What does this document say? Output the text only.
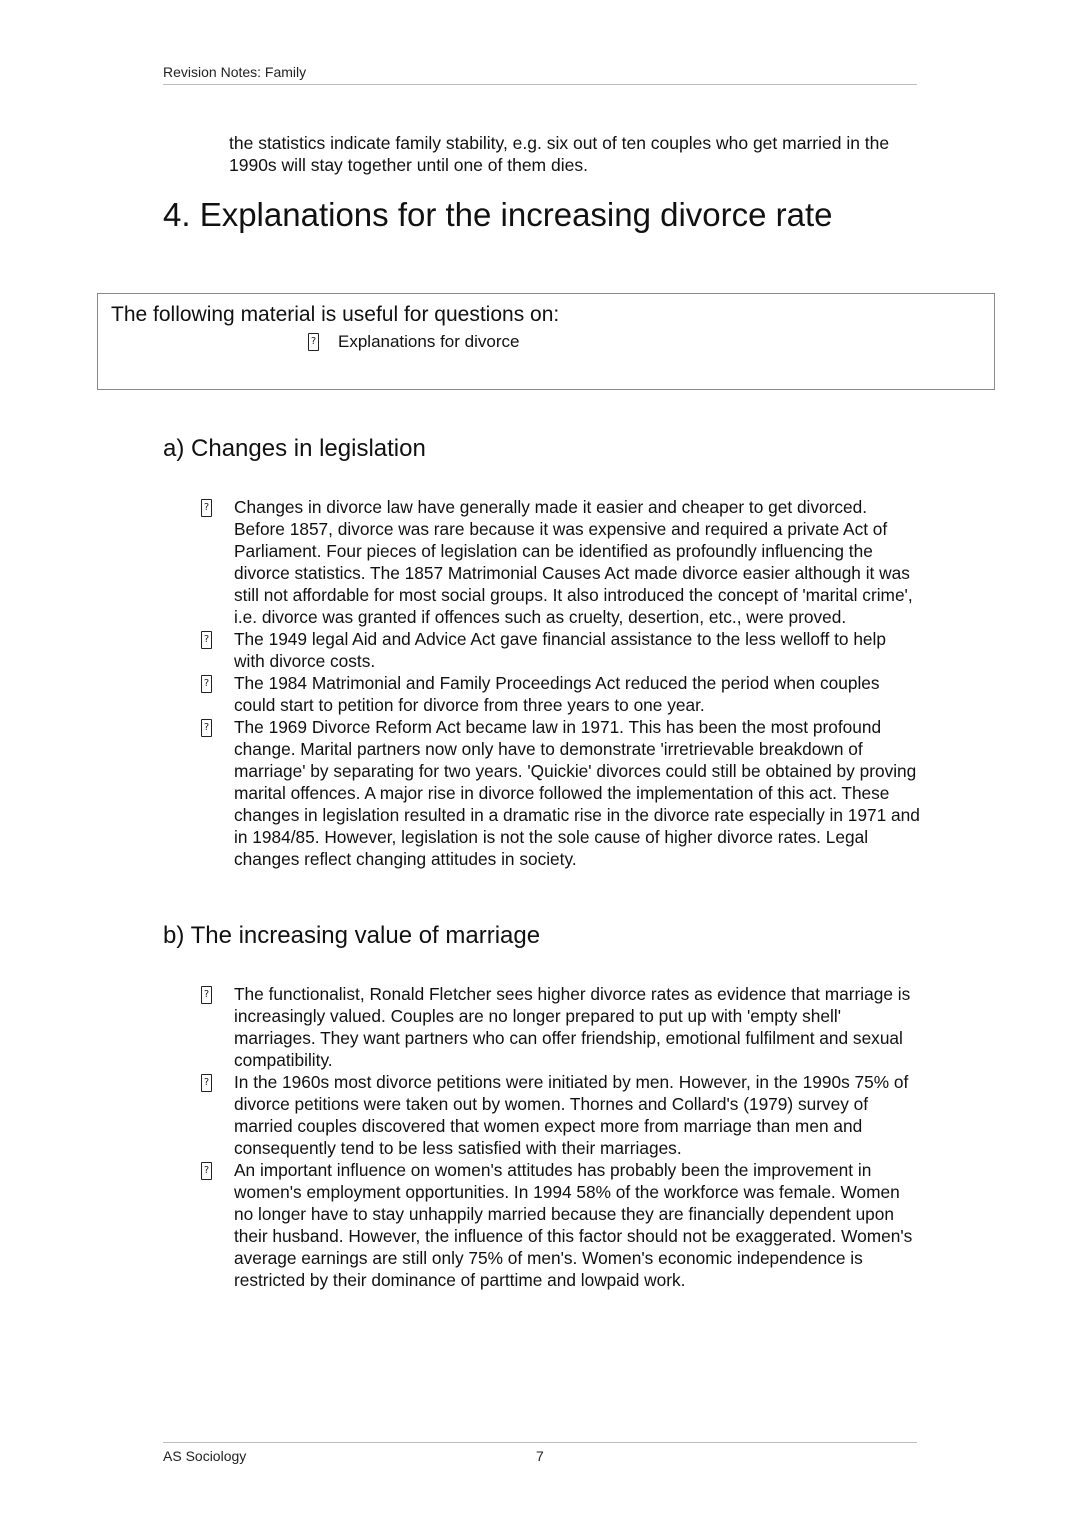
Revision Notes: Family

the statistics indicate family stability, e.g. six out of ten couples who get married in the 1990s will stay together until one of them dies.

4. Explanations for the increasing divorce rate
The following material is useful for questions on:
? Explanations for divorce
a) Changes in legislation
? Changes in divorce law have generally made it easier and cheaper to get divorced. Before 1857, divorce was rare because it was expensive and required a private Act of Parliament. Four pieces of legislation can be identified as profoundly influencing the divorce statistics. The 1857 Matrimonial Causes Act made divorce easier although it was still not affordable for most social groups. It also introduced the concept of 'marital crime', i.e. divorce was granted if offences such as cruelty, desertion, etc., were proved.
? The 1949 legal Aid and Advice Act gave financial assistance to the less welloff to help with divorce costs.
? The 1984 Matrimonial and Family Proceedings Act reduced the period when couples could start to petition for divorce from three years to one year.
? The 1969 Divorce Reform Act became law in 1971. This has been the most profound change. Marital partners now only have to demonstrate 'irretrievable breakdown of marriage' by separating for two years. 'Quickie' divorces could still be obtained by proving marital offences. A major rise in divorce followed the implementation of this act. These changes in legislation resulted in a dramatic rise in the divorce rate especially in 1971 and in 1984/85. However, legislation is not the sole cause of higher divorce rates. Legal changes reflect changing attitudes in society.
b) The increasing value of marriage
? The functionalist, Ronald Fletcher sees higher divorce rates as evidence that marriage is increasingly valued. Couples are no longer prepared to put up with 'empty shell' marriages. They want partners who can offer friendship, emotional fulfilment and sexual compatibility.
? In the 1960s most divorce petitions were initiated by men. However, in the 1990s 75% of divorce petitions were taken out by women. Thornes and Collard's (1979) survey of married couples discovered that women expect more from marriage than men and consequently tend to be less satisfied with their marriages.
? An important influence on women's attitudes has probably been the improvement in women's employment opportunities. In 1994 58% of the workforce was female. Women no longer have to stay unhappily married because they are financially dependent upon their husband. However, the influence of this factor should not be exaggerated. Women's average earnings are still only 75% of men's. Women's economic independence is restricted by their dominance of parttime and lowpaid work.
AS Sociology	7
